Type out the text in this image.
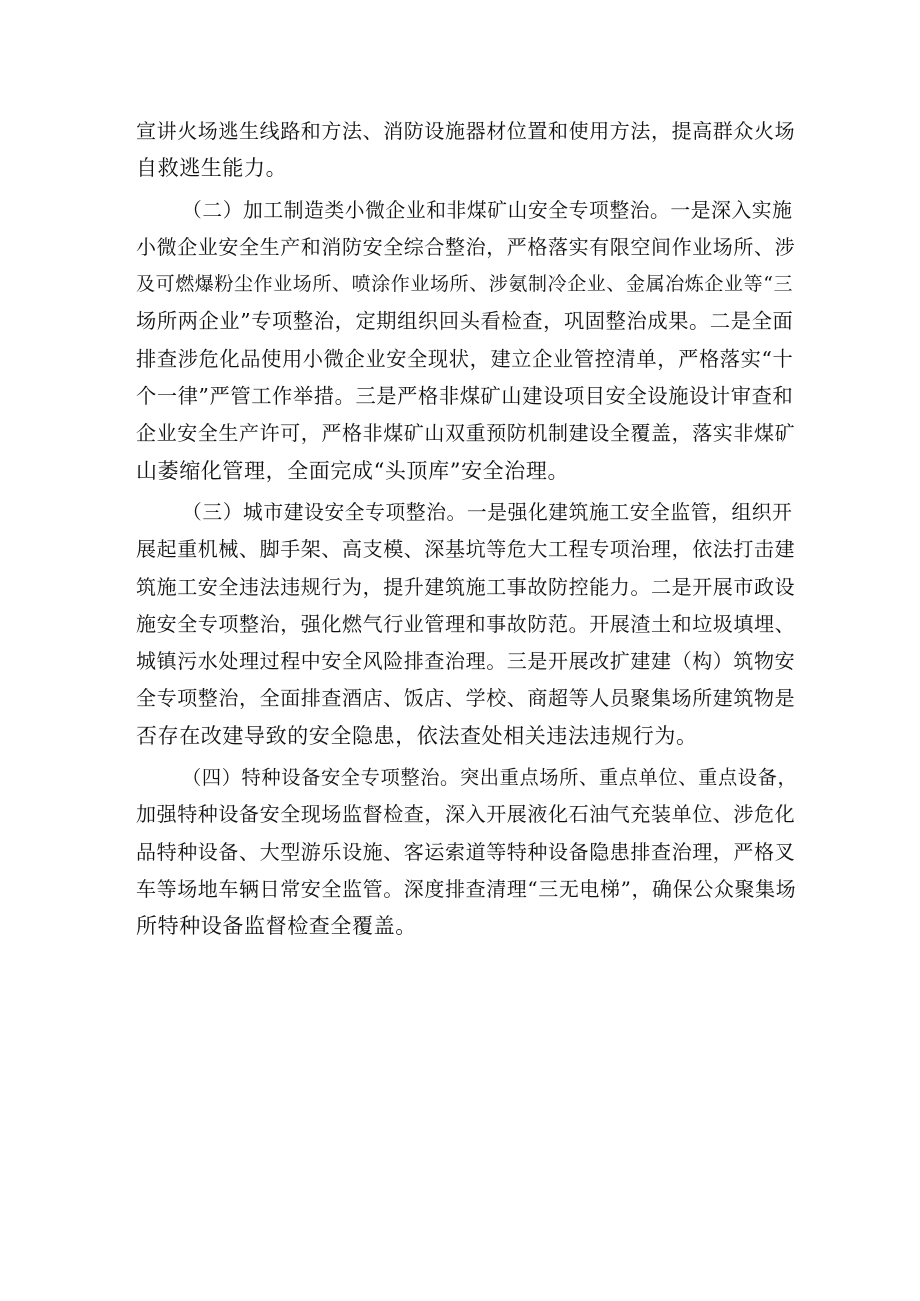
宣讲火场逃生线路和方法、消防设施器材位置和使用方法，提高群众火场
自救逃生能力。
（二）加工制造类小微企业和非煤矿山安全专项整治。一是深入实施
小微企业安全生产和消防安全综合整治，严格落实有限空间作业场所、涉
及可燃爆粉尘作业场所、喷涂作业场所、涉氨制冷企业、金属冶炼企业等“三
场所两企业”专项整治，定期组织回头看检查，巩固整治成果。二是全面
排查涉危化品使用小微企业安全现状，建立企业管控清单，严格落实“十
个一律”严管工作举措。三是严格非煤矿山建设项目安全设施设计审查和
企业安全生产许可，严格非煤矿山双重预防机制建设全覆盖，落实非煤矿
山萎缩化管理，全面完成“头顶库”安全治理。
（三）城市建设安全专项整治。一是强化建筑施工安全监管，组织开
展起重机械、脚手架、高支模、深基坑等危大工程专项治理，依法打击建
筑施工安全违法违规行为，提升建筑施工事故防控能力。二是开展市政设
施安全专项整治，强化燃气行业管理和事故防范。开展渣土和垃圾填埋、
城镇污水处理过程中安全风险排查治理。三是开展改扩建建（构）筑物安
全专项整治，全面排查酒店、饭店、学校、商超等人员聚集场所建筑物是
否存在改建导致的安全隐患，依法查处相关违法违规行为。
（四）特种设备安全专项整治。突出重点场所、重点单位、重点设备，
加强特种设备安全现场监督检查，深入开展液化石油气充装单位、涉危化
品特种设备、大型游乐设施、客运索道等特种设备隐患排查治理，严格叉
车等场地车辆日常安全监管。深度排查清理“三无电梯”，确保公众聚集场
所特种设备监督检查全覆盖。
